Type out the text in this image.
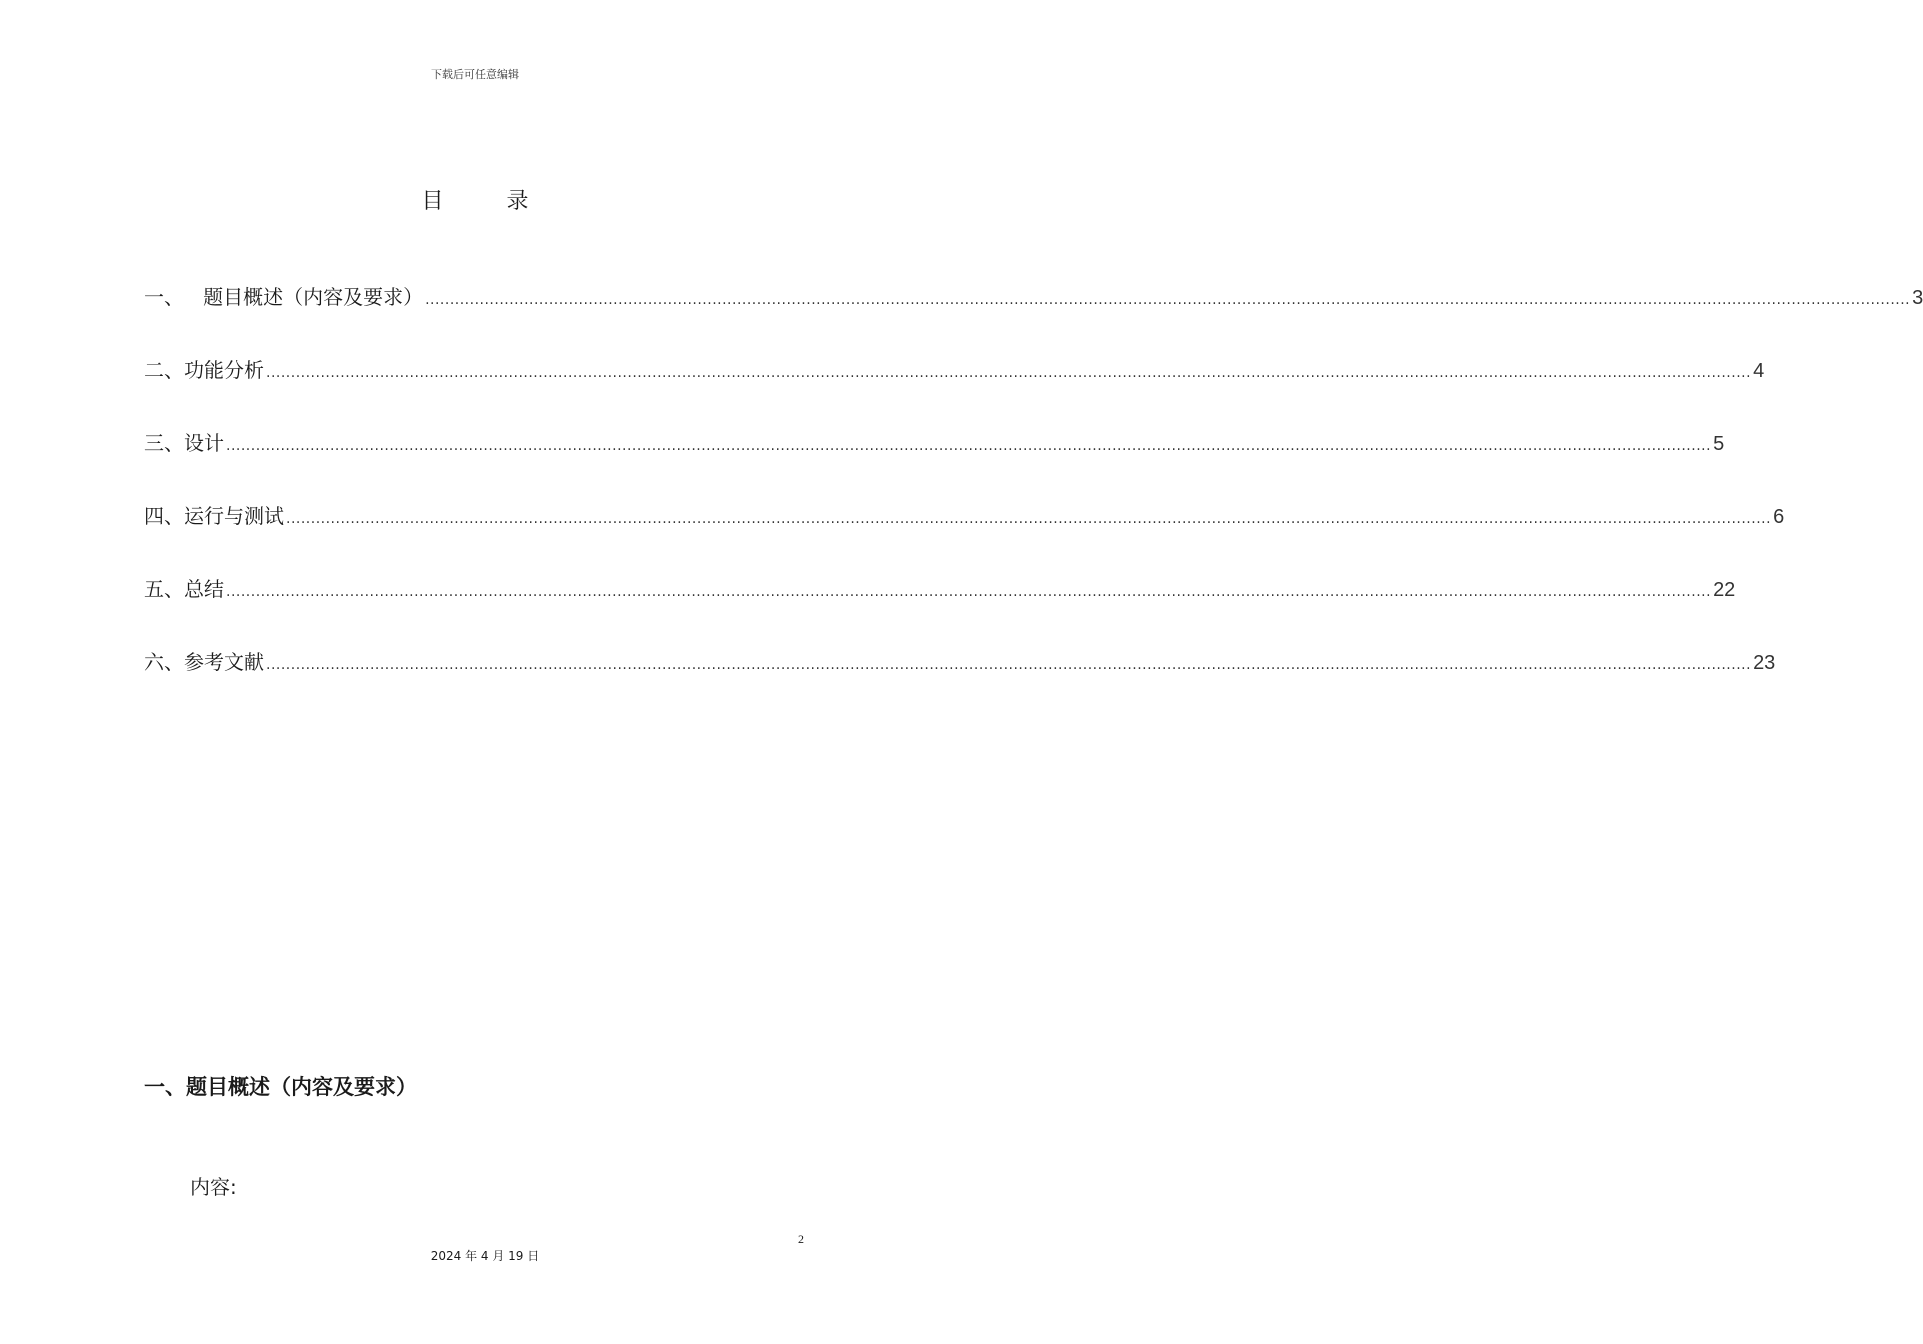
下载后可任意编辑
目 录
一、   题目概述（内容及要求） ............................................................................................................................................................................................................................................................................................................ 3
二、功能分析 ............................................................................................................................................................................................................................................................................................................ 4
三、设计 ............................................................................................................................................................................................................................................................................................................ 5
四、运行与测试 ............................................................................................................................................................................................................................................................................................................ 6
五、总结 ............................................................................................................................................................................................................................................................................................................ 22
六、参考文献 ............................................................................................................................................................................................................................................................................................................ 23
一、题目概述（内容及要求）
内容:
2
2024 年 4 月 19 日
